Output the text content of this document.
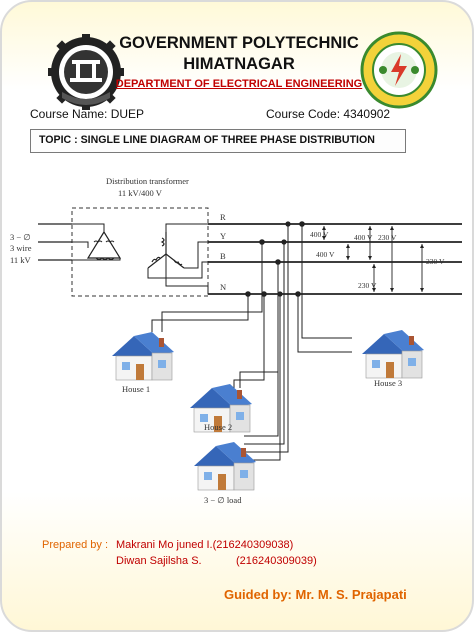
GOVERNMENT POLYTECHNIC
HIMATNAGAR
DEPARTMENT OF ELECTRICAL ENGINEERING
Course Name: DUEP	Course Code: 4340902
TOPIC : SINGLE LINE DIAGRAM OF THREE PHASE DISTRIBUTION
Distribution transformer
11 kV/400 V
3 − ∅
3 wire
11 kV
R
Y
B
N
400 V
400 V
400 V 230 V
230 V
230 V
House 1
House 2
House 3
3 − ∅ load
Prepared by : Makrani Mo juned I.(216240309038)
Diwan Sajilsha S.	(216240309039)
Guided by: Mr. M. S. Prajapati
